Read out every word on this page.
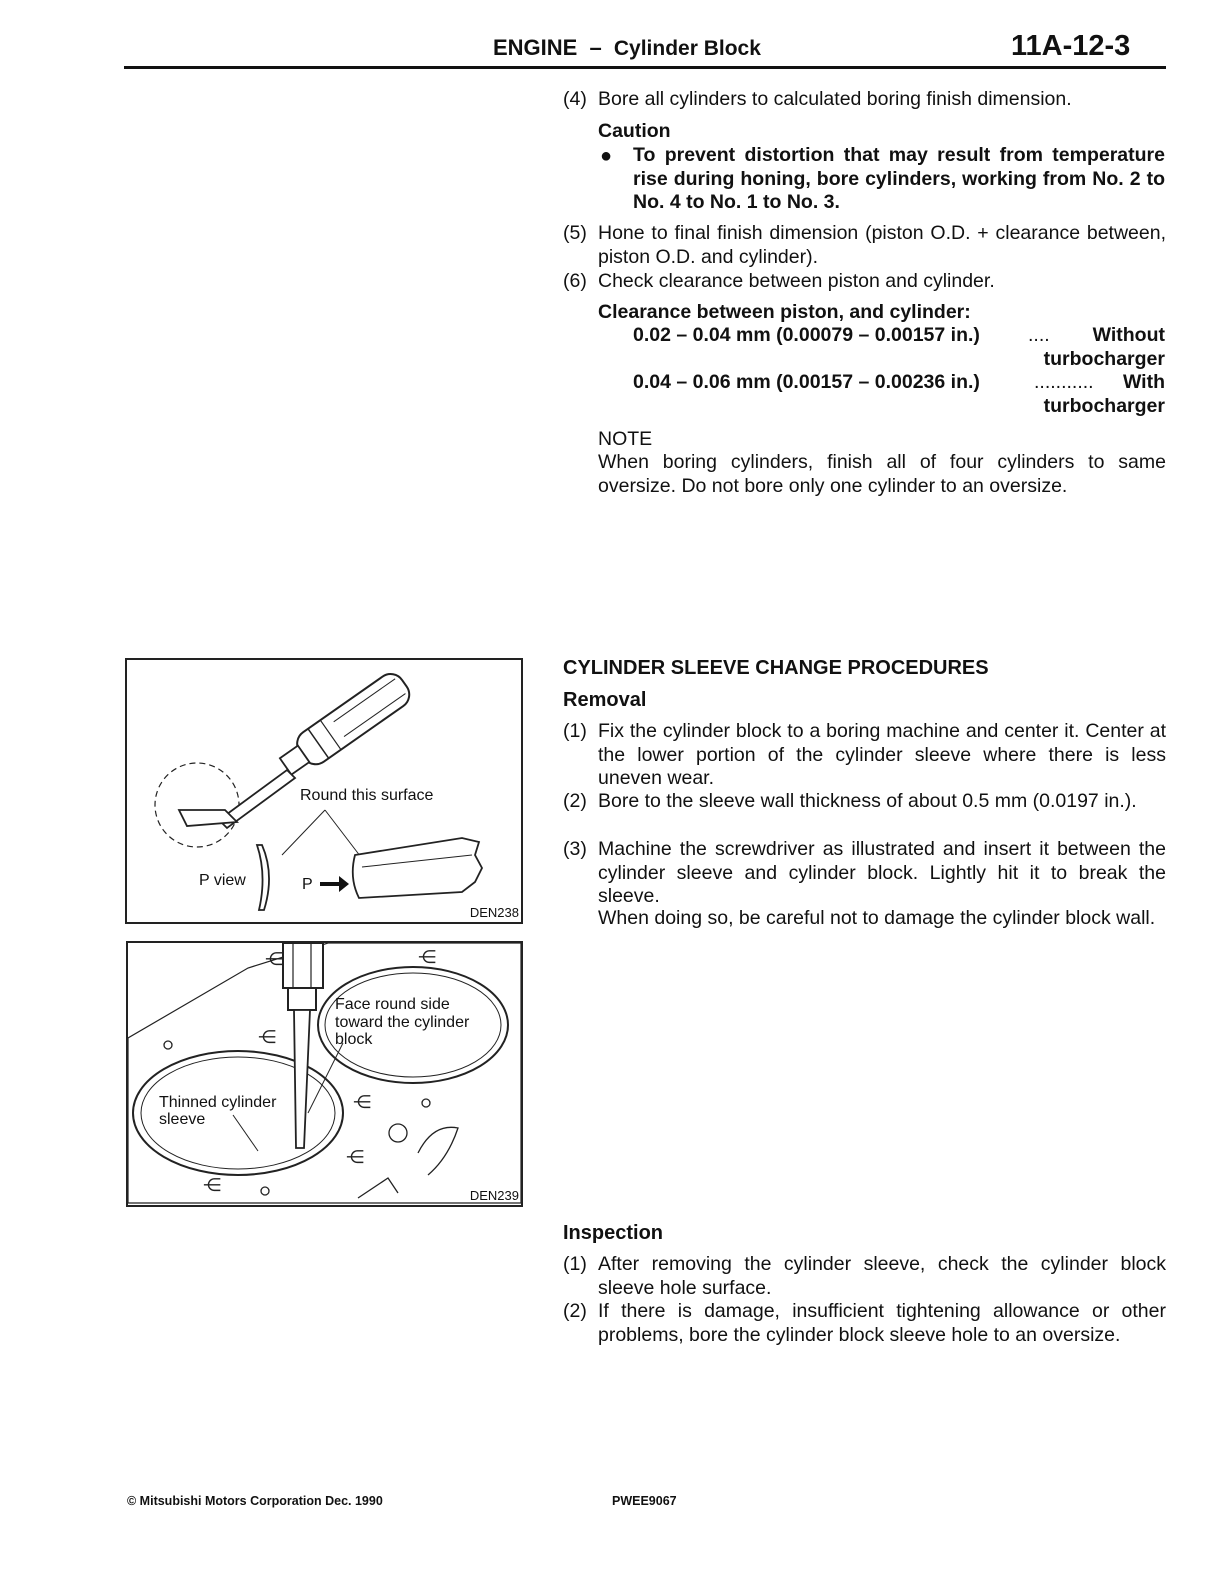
ENGINE – Cylinder Block	11A-12-3
(4) Bore all cylinders to calculated boring finish dimension.
Caution
● To prevent distortion that may result from temperature rise during honing, bore cylinders, working from No. 2 to No. 4 to No. 1 to No. 3.
(5) Hone to final finish dimension (piston O.D. + clearance between, piston O.D. and cylinder).
(6) Check clearance between piston and cylinder.
Clearance between piston, and cylinder:
0.02 – 0.04 mm (0.00079 – 0.00157 in.) .... Without
turbocharger
0.04 – 0.06 mm (0.00157 – 0.00236 in.)	........... With
turbocharger
NOTE
When boring cylinders, finish all of four cylinders to same oversize. Do not bore only one cylinder to an oversize.
CYLINDER SLEEVE CHANGE PROCEDURES
Removal
(1) Fix the cylinder block to a boring machine and center it. Center at the lower portion of the cylinder sleeve where there is less uneven wear.
(2) Bore to the sleeve wall thickness of about 0.5 mm (0.0197 in.).
(3) Machine the screwdriver as illustrated and insert it between the cylinder sleeve and cylinder block. Lightly hit it to break the sleeve.
When doing so, be careful not to damage the cylinder block wall.
Inspection
(1) After removing the cylinder sleeve, check the cylinder block sleeve hole surface.
(2) If there is damage, insufficient tightening allowance or other problems, bore the cylinder block sleeve hole to an oversize.
Round this surface
P view	P
DEN238
⋲	⋲
⋲
⋲
⋲
⋲
Face round side
toward the cylinder
block
Thinned cylinder
sleeve
DEN239
© Mitsubishi Motors Corporation Dec. 1990	PWEE9067
